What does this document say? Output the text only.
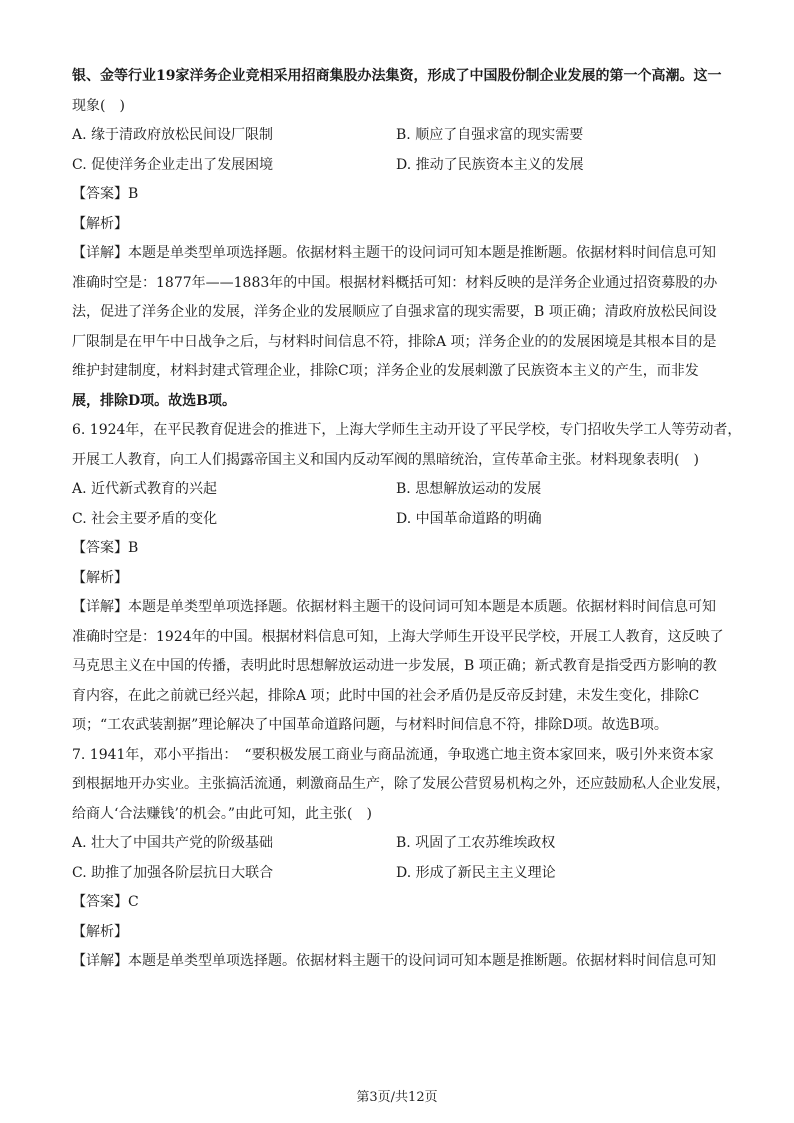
银、金等行业19家洋务企业竞相采用招商集股办法集资，形成了中国股份制企业发展的第一个高潮。这一

现象(　)

A. 缘于清政府放松民间设厂限制	B. 顺应了自强求富的现实需要
C. 促使洋务企业走出了发展困境	D. 推动了民族资本主义的发展

【答案】B

【解析】

【详解】本题是单类型单项选择题。依据材料主题干的设问词可知本题是推断题。依据材料时间信息可知

准确时空是：1877年——1883年的中国。根据材料概括可知：材料反映的是洋务企业通过招资募股的办

法，促进了洋务企业的发展，洋务企业的发展顺应了自强求富的现实需要，B 项正确；清政府放松民间设

厂限制是在甲午中日战争之后，与材料时间信息不符，排除A 项；洋务企业的的发展困境是其根本目的是

维护封建制度，材料封建式管理企业，排除C项；洋务企业的发展刺激了民族资本主义的产生，而非发

展，排除D项。故选B项。

6. 1924年，在平民教育促进会的推进下，上海大学师生主动开设了平民学校，专门招收失学工人等劳动者，

开展工人教育，向工人们揭露帝国主义和国内反动军阀的黑暗统治，宣传革命主张。材料现象表明(　)

A. 近代新式教育的兴起	B. 思想解放运动的发展
C. 社会主要矛盾的变化	D. 中国革命道路的明确

【答案】B

【解析】

【详解】本题是单类型单项选择题。依据材料主题干的设问词可知本题是本质题。依据材料时间信息可知

准确时空是：1924年的中国。根据材料信息可知，上海大学师生开设平民学校，开展工人教育，这反映了

马克思主义在中国的传播，表明此时思想解放运动进一步发展，B 项正确；新式教育是指受西方影响的教

育内容，在此之前就已经兴起，排除A 项；此时中国的社会矛盾仍是反帝反封建，未发生变化，排除C

项；“工农武装割据”理论解决了中国革命道路问题，与材料时间信息不符，排除D项。故选B项。

7. 1941年，邓小平指出：　“要积极发展工商业与商品流通，争取逃亡地主资本家回来，吸引外来资本家

到根据地开办实业。主张搞活流通，刺激商品生产，除了发展公营贸易机构之外，还应鼓励私人企业发展，

给商人‘合法赚钱’的机会。”由此可知，此主张(　)

A. 壮大了中国共产党的阶级基础	B. 巩固了工农苏维埃政权
C. 助推了加强各阶层抗日大联合	D. 形成了新民主主义理论

【答案】C

【解析】

【详解】本题是单类型单项选择题。依据材料主题干的设问词可知本题是推断题。依据材料时间信息可知

第3页/共12页
